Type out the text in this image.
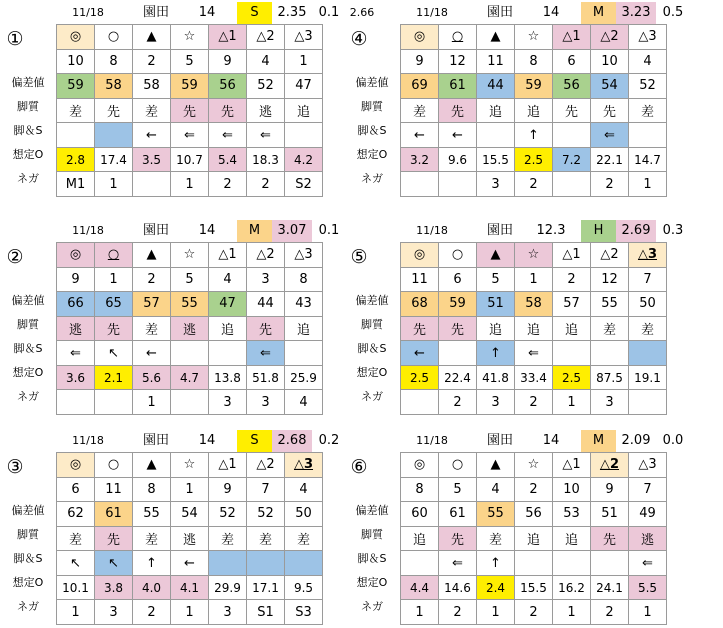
11/18	園田	14	S	2.35 0.1 2.66
①
偏差値
脚質
脚＆S
想定O
ネガ
◎	○	▲	☆	△1	△2	△3
10	8	2	5	9	4	1
59	58	58	59	56	52	47
差	先	差	先	先	逃	追
		←	⇐	⇐	⇐	
2.8	17.4	3.5	10.7	5.4	18.3	4.2
M1	1		1	2	2	S2
11/18	園田	14	M	3.23 0.5
④
偏差値
脚質
脚＆S
想定O
ネガ
◎	○	▲	☆	△1	△2	△3
9	12	11	8	6	10	4
69	61	44	59	56	54	52
差	先	追	追	先	先	差
←	←		↑		⇐	
3.2	9.6	15.5	2.5	7.2	22.1	14.7
		3	2		2	1
11/18	園田	14	M	3.07 0.1
②
偏差値
脚質
脚＆S
想定O
ネガ
◎	○	▲	☆	△1	△2	△3
9	1	2	5	4	3	8
66	65	57	55	47	44	43
逃	先	差	逃	追	先	追
⇐	↖	←			⇐	
3.6	2.1	5.6	4.7	13.8	51.8	25.9
		1		3	3	4
11/18	園田	12.3	H	2.69 0.3
⑤
偏差値
脚質
脚＆S
想定O
ネガ
◎	○	▲	☆	△1	△2	△3
11	6	5	1	2	12	7
68	59	51	58	57	55	50
先	先	追	追	追	差	差
←		↑	⇐			
2.5	22.4	41.8	33.4	2.5	87.5	19.1
	2	3	2	1	3	
11/18	園田	14	S	2.68 0.2
③
偏差値
脚質
脚＆S
想定O
ネガ
◎	○	▲	☆	△1	△2	△3
6	11	8	1	9	7	4
62	61	55	54	52	52	50
差	先	差	逃	差	差	差
↖	↖	↑	←			
10.1	3.8	4.0	4.1	29.9	17.1	9.5
1	3	2	1	3	S1	S3
11/18	園田	14	M	2.09 0.0
⑥
偏差値
脚質
脚＆S
想定O
ネガ
◎	○	▲	☆	△1	△2	△3
8	5	4	2	10	9	7
60	61	55	56	53	51	49
追	先	差	追	追	先	逃
	⇐	↑				⇐
4.4	14.6	2.4	15.5	16.2	24.1	5.5
1	2	1	2	1	2	1
